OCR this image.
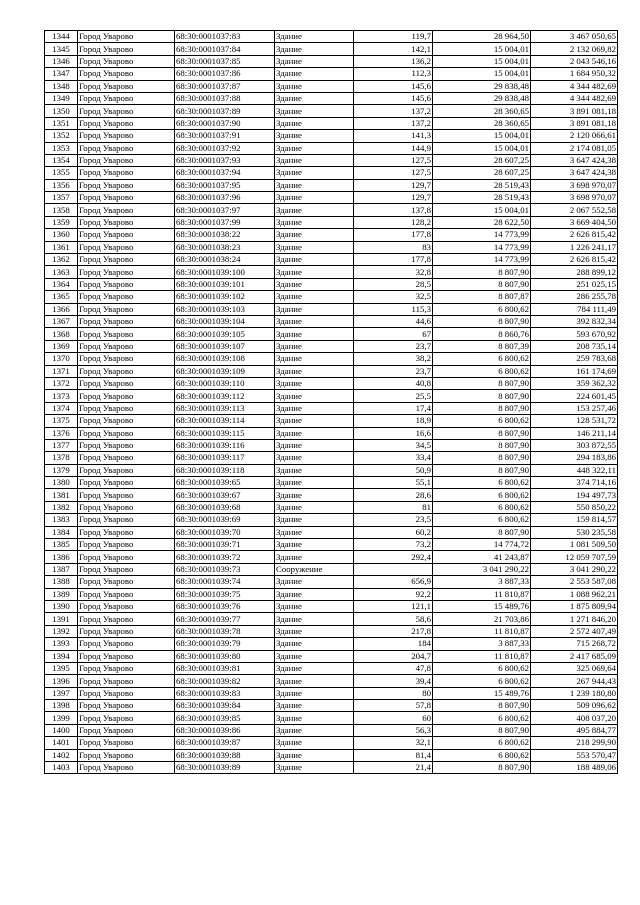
1344	Город Уварово	68:30:0001037:83	Здание	119,7	28 964,50	3 467 050,65
1345	Город Уварово	68:30:0001037:84	Здание	142,1	15 004,01	2 132 069,82
1346	Город Уварово	68:30:0001037:85	Здание	136,2	15 004,01	2 043 546,16
1347	Город Уварово	68:30:0001037:86	Здание	112,3	15 004,01	1 684 950,32
1348	Город Уварово	68:30:0001037:87	Здание	145,6	29 838,48	4 344 482,69
1349	Город Уварово	68:30:0001037:88	Здание	145,6	29 838,48	4 344 482,69
1350	Город Уварово	68:30:0001037:89	Здание	137,2	28 360,65	3 891 081,18
1351	Город Уварово	68:30:0001037:90	Здание	137,2	28 360,65	3 891 081,18
1352	Город Уварово	68:30:0001037:91	Здание	141,3	15 004,01	2 120 066,61
1353	Город Уварово	68:30:0001037:92	Здание	144,9	15 004,01	2 174 081,05
1354	Город Уварово	68:30:0001037:93	Здание	127,5	28 607,25	3 647 424,38
1355	Город Уварово	68:30:0001037:94	Здание	127,5	28 607,25	3 647 424,38
1356	Город Уварово	68:30:0001037:95	Здание	129,7	28 519,43	3 698 970,07
1357	Город Уварово	68:30:0001037:96	Здание	129,7	28 519,43	3 698 970,07
1358	Город Уварово	68:30:0001037:97	Здание	137,8	15 004,01	2 067 552,58
1359	Город Уварово	68:30:0001037:99	Здание	128,2	28 622,50	3 669 404,50
1360	Город Уварово	68:30:0001038:22	Здание	177,8	14 773,99	2 626 815,42
1361	Город Уварово	68:30:0001038:23	Здание	83	14 773,99	1 226 241,17
1362	Город Уварово	68:30:0001038:24	Здание	177,8	14 773,99	2 626 815,42
1363	Город Уварово	68:30:0001039:100	Здание	32,8	8 807,90	288 899,12
1364	Город Уварово	68:30:0001039:101	Здание	28,5	8 807,90	251 025,15
1365	Город Уварово	68:30:0001039:102	Здание	32,5	8 807,87	286 255,78
1366	Город Уварово	68:30:0001039:103	Здание	115,3	6 800,62	784 111,49
1367	Город Уварово	68:30:0001039:104	Здание	44,6	8 807,90	392 832,34
1368	Город Уварово	68:30:0001039:105	Здание	67	8 860,76	593 670,92
1369	Город Уварово	68:30:0001039:107	Здание	23,7	8 807,39	208 735,14
1370	Город Уварово	68:30:0001039:108	Здание	38,2	6 800,62	259 783,68
1371	Город Уварово	68:30:0001039:109	Здание	23,7	6 800,62	161 174,69
1372	Город Уварово	68:30:0001039:110	Здание	40,8	8 807,90	359 362,32
1373	Город Уварово	68:30:0001039:112	Здание	25,5	8 807,90	224 601,45
1374	Город Уварово	68:30:0001039:113	Здание	17,4	8 807,90	153 257,46
1375	Город Уварово	68:30:0001039:114	Здание	18,9	6 800,62	128 531,72
1376	Город Уварово	68:30:0001039:115	Здание	16,6	8 807,90	146 211,14
1377	Город Уварово	68:30:0001039:116	Здание	34,5	8 807,90	303 872,55
1378	Город Уварово	68:30:0001039:117	Здание	33,4	8 807,90	294 183,86
1379	Город Уварово	68:30:0001039:118	Здание	50,9	8 807,90	448 322,11
1380	Город Уварово	68:30:0001039:65	Здание	55,1	6 800,62	374 714,16
1381	Город Уварово	68:30:0001039:67	Здание	28,6	6 800,62	194 497,73
1382	Город Уварово	68:30:0001039:68	Здание	81	6 800,62	550 850,22
1383	Город Уварово	68:30:0001039:69	Здание	23,5	6 800,62	159 814,57
1384	Город Уварово	68:30:0001039:70	Здание	60,2	8 807,90	530 235,58
1385	Город Уварово	68:30:0001039:71	Здание	73,2	14 774,72	1 081 509,50
1386	Город Уварово	68:30:0001039:72	Здание	292,4	41 243,87	12 059 707,59
1387	Город Уварово	68:30:0001039:73	Сооружение		3 041 290,22	3 041 290,22
1388	Город Уварово	68:30:0001039:74	Здание	656,9	3 887,33	2 553 587,08
1389	Город Уварово	68:30:0001039:75	Здание	92,2	11 810,87	1 088 962,21
1390	Город Уварово	68:30:0001039:76	Здание	121,1	15 489,76	1 875 809,94
1391	Город Уварово	68:30:0001039:77	Здание	58,6	21 703,86	1 271 846,20
1392	Город Уварово	68:30:0001039:78	Здание	217,8	11 810,87	2 572 407,49
1393	Город Уварово	68:30:0001039:79	Здание	184	3 887,33	715 268,72
1394	Город Уварово	68:30:0001039:80	Здание	204,7	11 810,87	2 417 685,09
1395	Город Уварово	68:30:0001039:81	Здание	47,8	6 800,62	325 069,64
1396	Город Уварово	68:30:0001039:82	Здание	39,4	6 800,62	267 944,43
1397	Город Уварово	68:30:0001039:83	Здание	80	15 489,76	1 239 180,80
1398	Город Уварово	68:30:0001039:84	Здание	57,8	8 807,90	509 096,62
1399	Город Уварово	68:30:0001039:85	Здание	60	6 800,62	408 037,20
1400	Город Уварово	68:30:0001039:86	Здание	56,3	8 807,90	495 884,77
1401	Город Уварово	68:30:0001039:87	Здание	32,1	6 800,62	218 299,90
1402	Город Уварово	68:30:0001039:88	Здание	81,4	6 800,62	553 570,47
1403	Город Уварово	68:30:0001039:89	Здание	21,4	8 807,90	188 489,06
